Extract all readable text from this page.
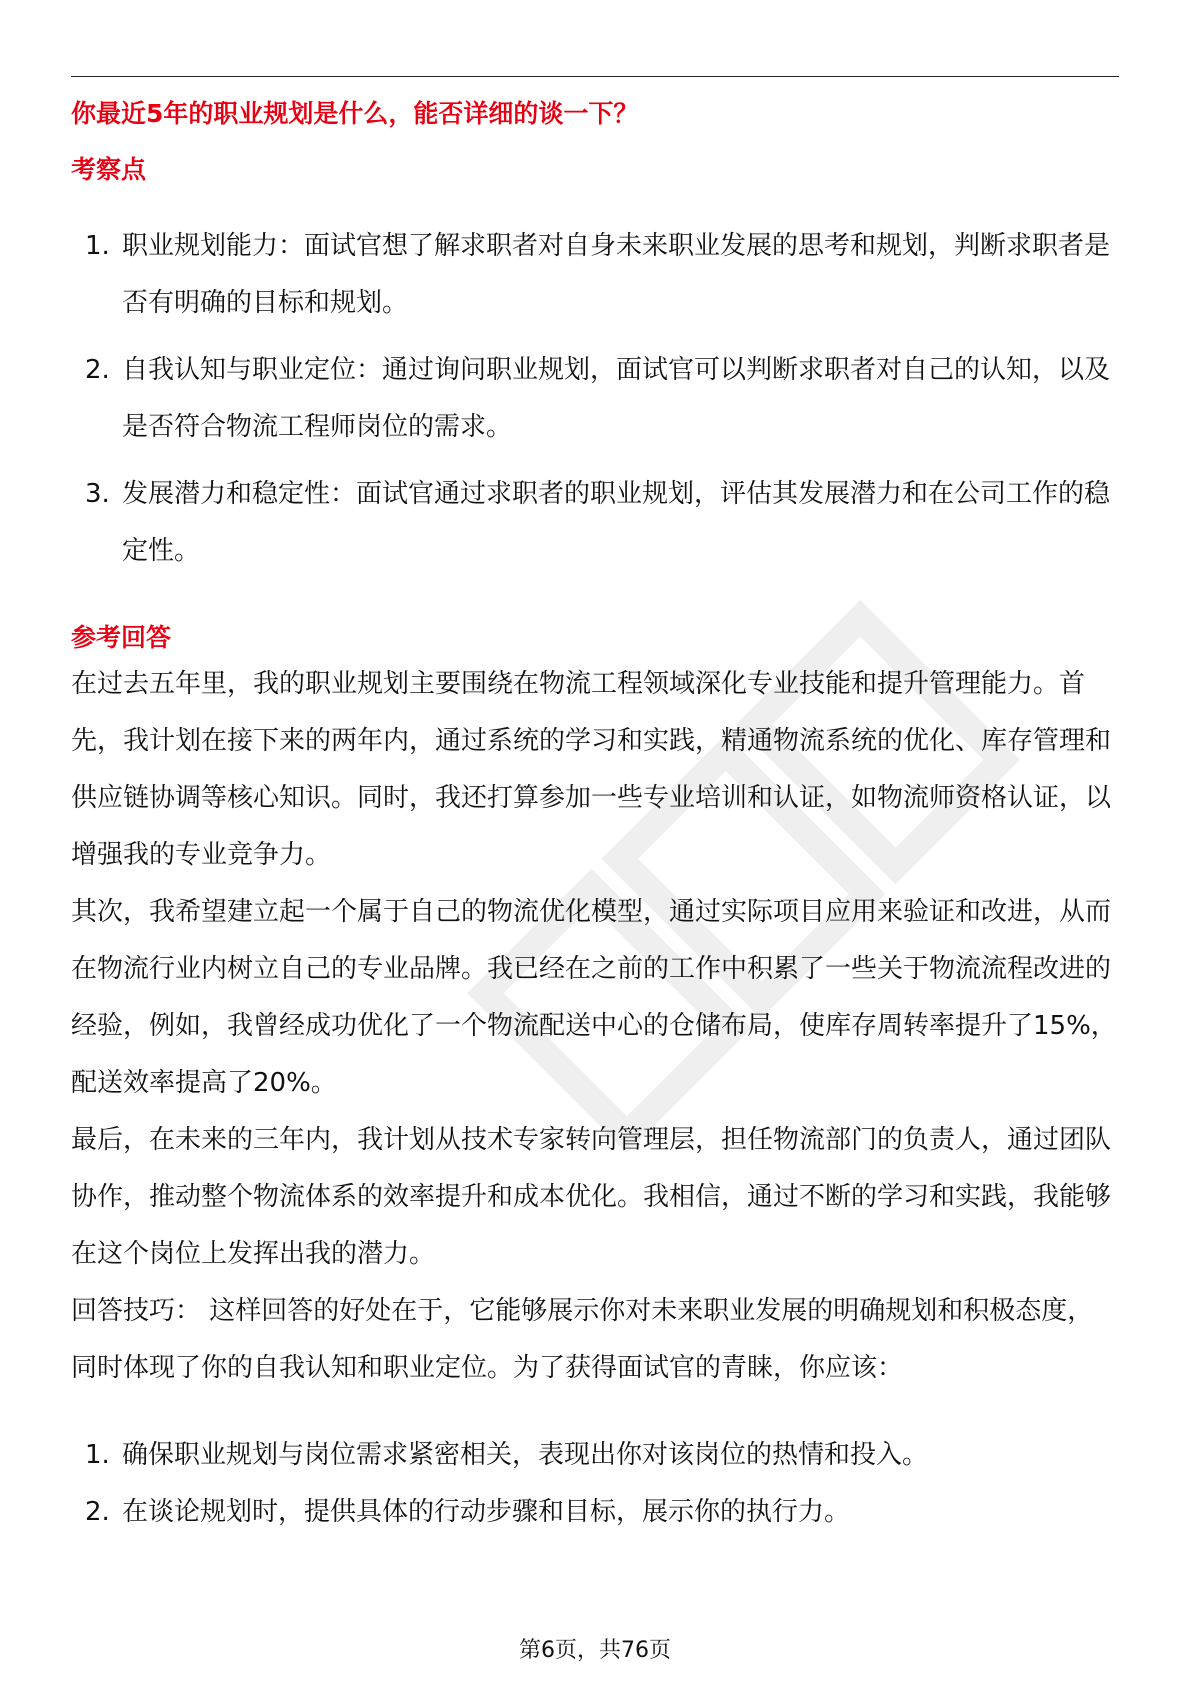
你最近5年的职业规划是什么，能否详细的谈一下？
考察点
1. 职业规划能力：面试官想了解求职者对自身未来职业发展的思考和规划，判断求职者是否有明确的目标和规划。
2. 自我认知与职业定位：通过询问职业规划，面试官可以判断求职者对自己的认知，以及是否符合物流工程师岗位的需求。
3. 发展潜力和稳定性：面试官通过求职者的职业规划，评估其发展潜力和在公司工作的稳定性。
参考回答

在过去五年里，我的职业规划主要围绕在物流工程领域深化专业技能和提升管理能力。首先，我计划在接下来的两年内，通过系统的学习和实践，精通物流系统的优化、库存管理和供应链协调等核心知识。同时，我还打算参加一些专业培训和认证，如物流师资格认证，以增强我的专业竞争力。

其次，我希望建立起一个属于自己的物流优化模型，通过实际项目应用来验证和改进，从而在物流行业内树立自己的专业品牌。我已经在之前的工作中积累了一些关于物流流程改进的经验，例如，我曾经成功优化了一个物流配送中心的仓储布局，使库存周转率提升了15%，配送效率提高了20%。

最后，在未来的三年内，我计划从技术专家转向管理层，担任物流部门的负责人，通过团队协作，推动整个物流体系的效率提升和成本优化。我相信，通过不断的学习和实践，我能够在这个岗位上发挥出我的潜力。

回答技巧： 这样回答的好处在于，它能够展示你对未来职业发展的明确规划和积极态度，同时体现了你的自我认知和职业定位。为了获得面试官的青睐，你应该：

1. 确保职业规划与岗位需求紧密相关，表现出你对该岗位的热情和投入。
2. 在谈论规划时，提供具体的行动步骤和目标，展示你的执行力。
第6页，共76页
